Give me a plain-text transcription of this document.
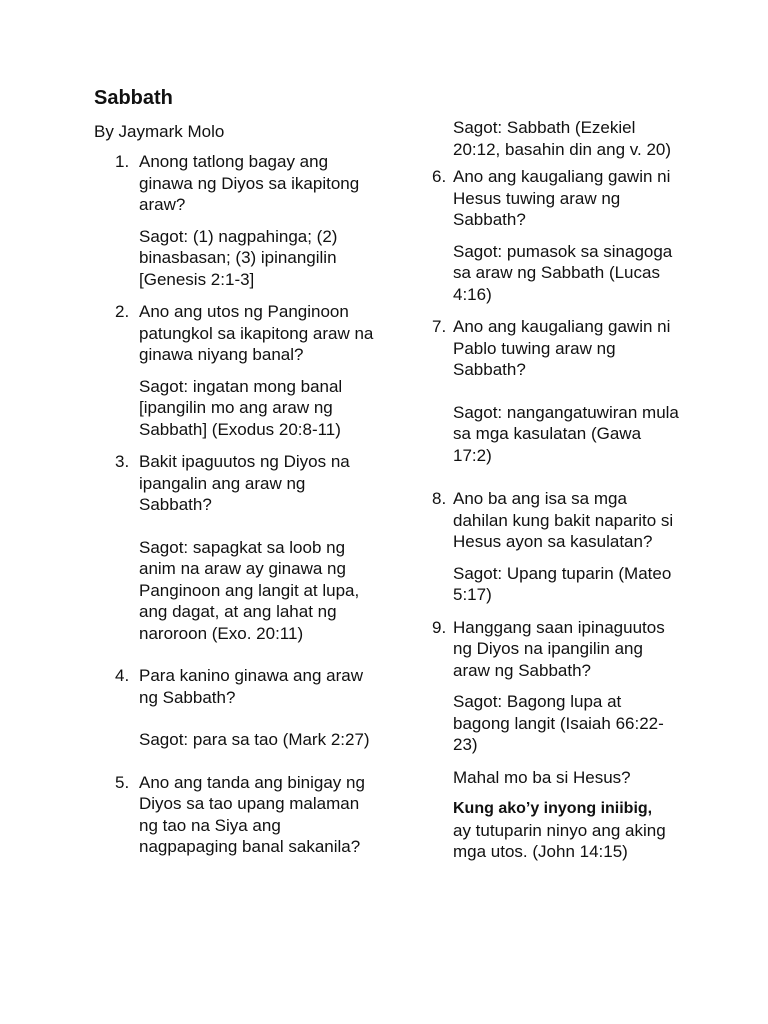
Sabbath

By Jaymark Molo

1. Anong tatlong bagay ang ginawa ng Diyos sa ikapitong araw?

Sagot: (1) nagpahinga; (2) binasbasan; (3) ipinangilin [Genesis 2:1-3]

2. Ano ang utos ng Panginoon patungkol sa ikapitong araw na ginawa niyang banal?

Sagot: ingatan mong banal [ipangilin mo ang araw ng Sabbath] (Exodus 20:8-11)

3. Bakit ipaguutos ng Diyos na ipangalin ang araw ng Sabbath?

Sagot: sapagkat sa loob ng anim na araw ay ginawa ng Panginoon ang langit at lupa, ang dagat, at ang lahat ng naroroon (Exo. 20:11)

4. Para kanino ginawa ang araw ng Sabbath?

Sagot: para sa tao (Mark 2:27)

5. Ano ang tanda ang binigay ng Diyos sa tao upang malaman ng tao na Siya ang nagpapaging banal sakanila?

Sagot: Sabbath (Ezekiel 20:12, basahin din ang v. 20)

6. Ano ang kaugaliang gawin ni Hesus tuwing araw ng Sabbath?

Sagot: pumasok sa sinagoga sa araw ng Sabbath (Lucas 4:16)

7. Ano ang kaugaliang gawin ni Pablo tuwing araw ng Sabbath?

Sagot: nangangatuwiran mula sa mga kasulatan (Gawa 17:2)

8. Ano ba ang isa sa mga dahilan kung bakit naparito si Hesus ayon sa kasulatan?

Sagot: Upang tuparin (Mateo 5:17)

9. Hanggang saan ipinaguutos ng Diyos na ipangilin ang araw ng Sabbath?

Sagot: Bagong lupa at bagong langit (Isaiah 66:22-23)

Mahal mo ba si Hesus?

Kung ako’y inyong iniibig,

ay tutuparin ninyo ang aking mga utos. (John 14:15)
